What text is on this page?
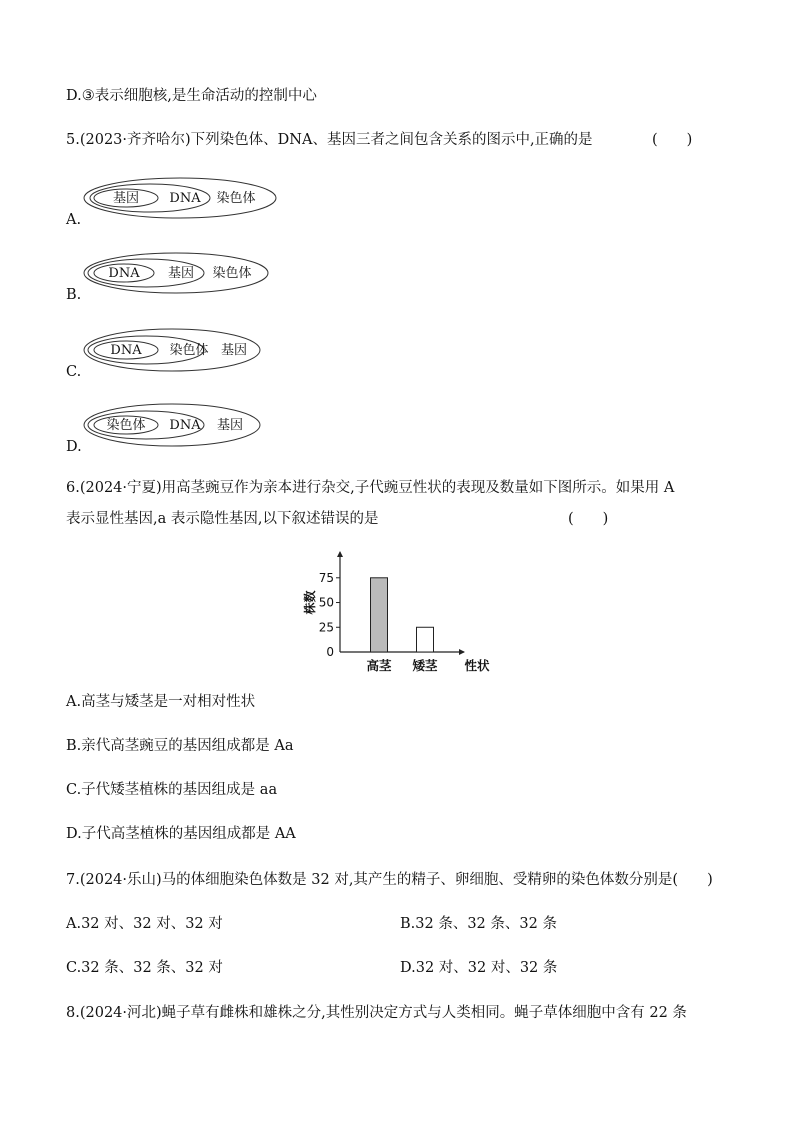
D.③表示细胞核,是生命活动的控制中心
5.(2023·齐齐哈尔)下列染色体、DNA、基因三者之间包含关系的图示中,正确的是	(　　)
基因 DNA 染色体
A.
DNA 基因 染色体
B.
DNA 染色体 基因
C.
染色体 DNA 基因
D.
6.(2024·宁夏)用高茎豌豆作为亲本进行杂交,子代豌豆性状的表现及数量如下图所示。如果用 A
表示显性基因,a 表示隐性基因,以下叙述错误的是	(　　)
0
25
50
75
株数
高茎 矮茎 性状
A.高茎与矮茎是一对相对性状
B.亲代高茎豌豆的基因组成都是 Aa
C.子代矮茎植株的基因组成是 aa
D.子代高茎植株的基因组成都是 AA
7.(2024·乐山)马的体细胞染色体数是 32 对,其产生的精子、卵细胞、受精卵的染色体数分别是(　　)
A.32 对、32 对、32 对	B.32 条、32 条、32 条
C.32 条、32 条、32 对	D.32 对、32 对、32 条
8.(2024·河北)蝇子草有雌株和雄株之分,其性别决定方式与人类相同。蝇子草体细胞中含有 22 条
